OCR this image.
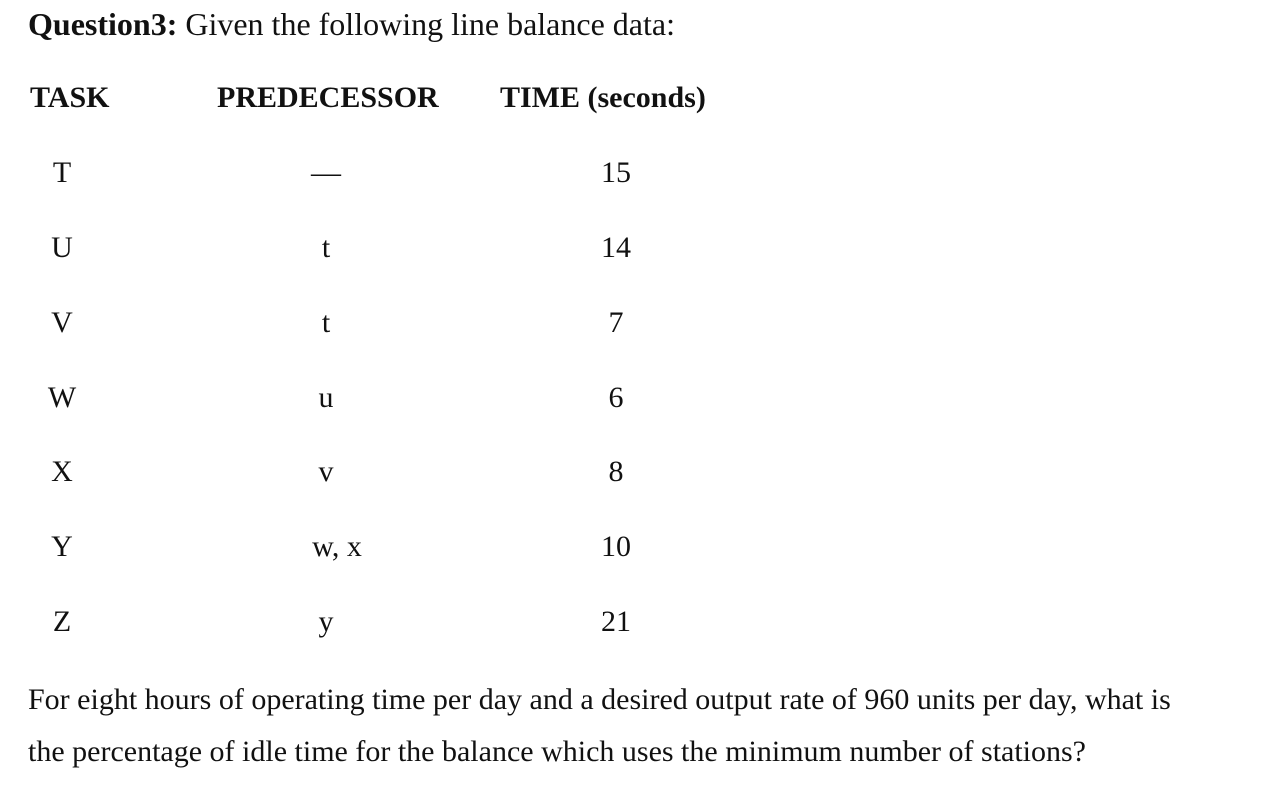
Question3: Given the following line balance data:
TASK	PREDECESSOR TIME (seconds)
T	—	15
U	t	14
V	t	7
W	u	6
X	v	8
Y	w, x	10
Z	y	21
For eight hours of operating time per day and a desired output rate of 960 units per day, what is
the percentage of idle time for the balance which uses the minimum number of stations?
